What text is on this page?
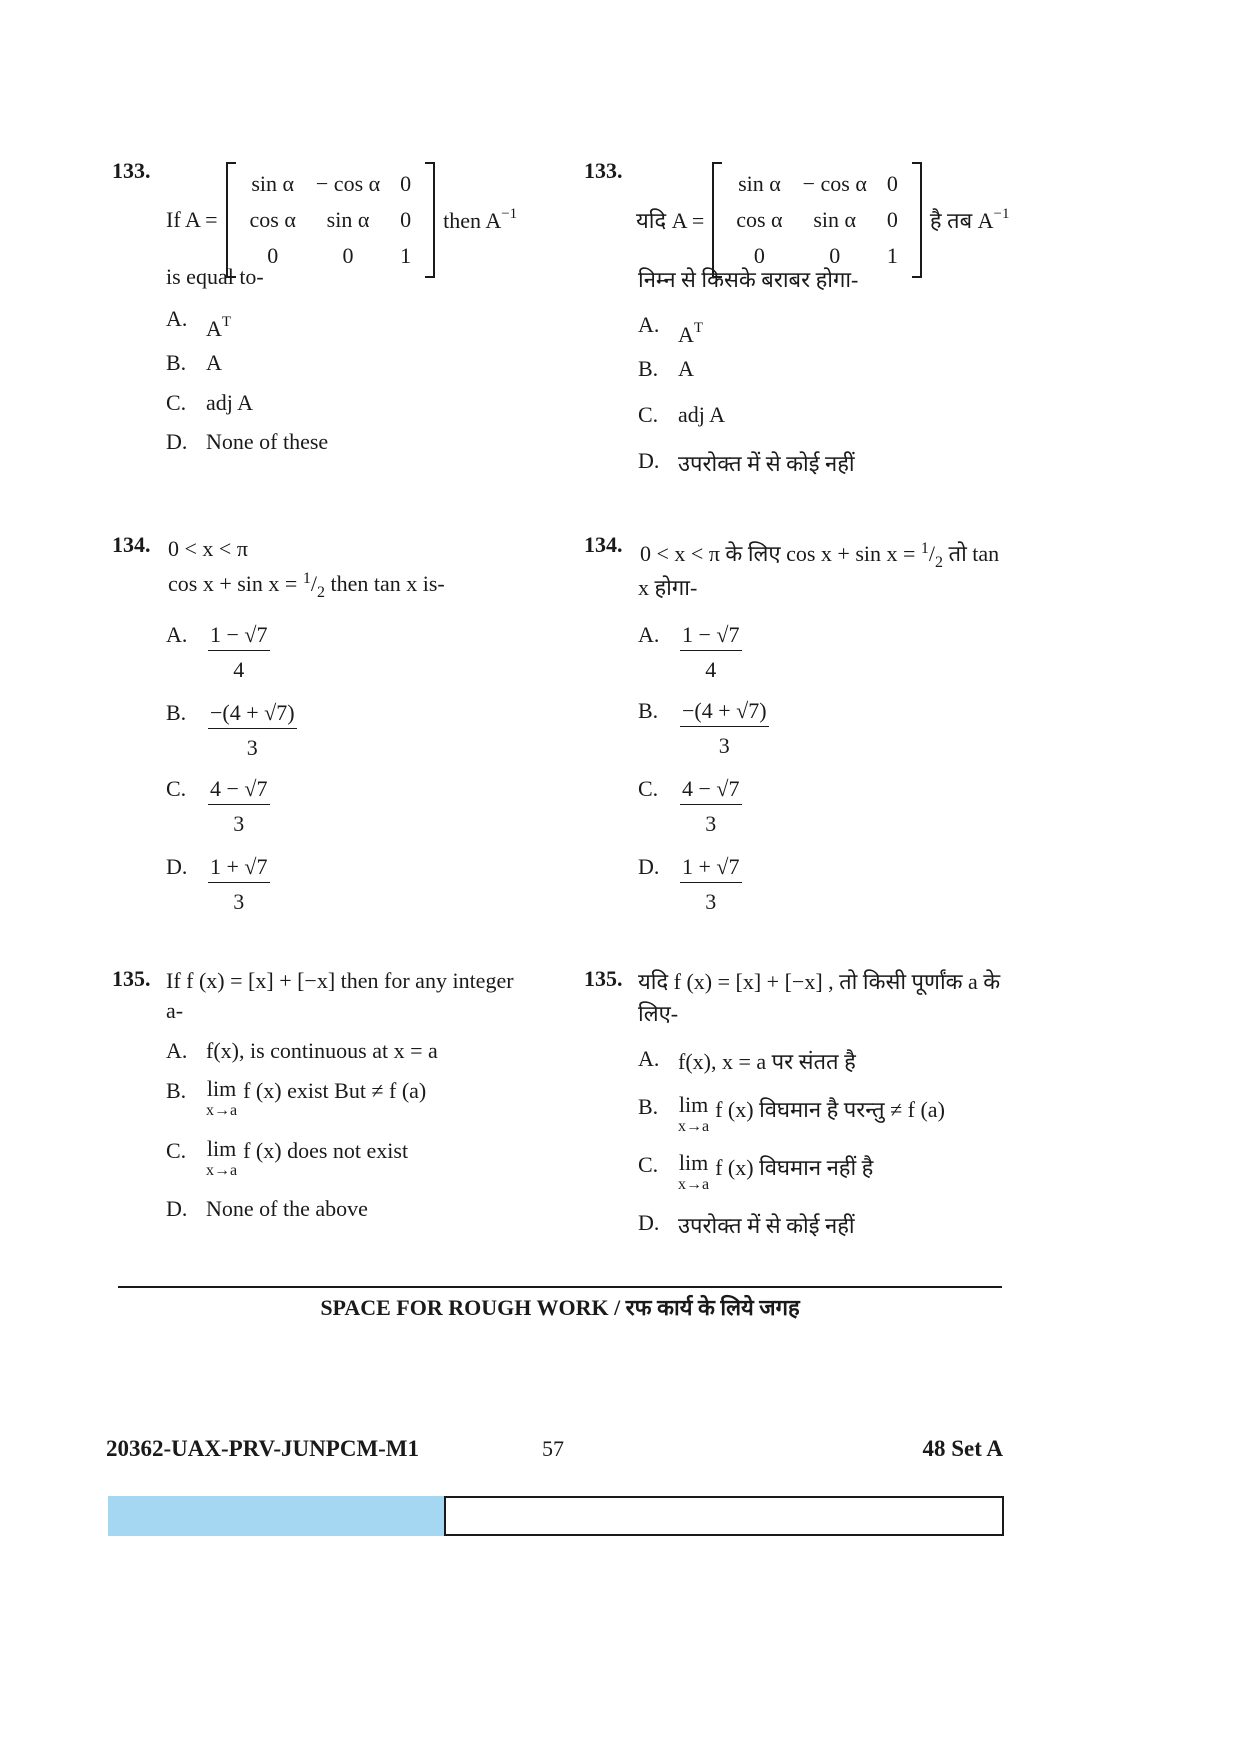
133.
If A =
sin α	− cos α	0
cos α	sin α	0
0	0	1
then $A^{-1}$
is equal to-
A. $A^T$
B. A
C. adj A
D. None of these
133.
यदि A =
sin α	− cos α	0
cos α	sin α	0
0	0	1
है तब $A^{-1}$
निम्न से किसके बराबर होगा-
A. $A^T$
B. A
C. adj A
D. उपरोक्त में से कोई नहीं
134. 0 < x < π
$\cos x + \sin x = ^1/_2$ then tan x is-
A. $\frac{1 - √7}{4}$
B. $\frac{-(4 + √7)}{3}$
C. $\frac{4 - √7}{3}$
D. $\frac{1 + √7}{3}$
134. 0 < x < π के लिए $\cos x + \sin x = ^1/_2$ तो tan
x होगा-
A. $\frac{1 - √7}{4}$
B. $\frac{-(4 + √7)}{3}$
C. $\frac{4 - √7}{3}$
D. $\frac{1 + √7}{3}$
135. If f (x) = [x] + [−x] then for any integer
a-
A. f(x), is continuous at x = a
B. lim
x→a
f (x) exist But ≠ f (a)
C. lim
x→a
f (x) does not exist
D. None of the above
135. यदि f (x) = [x] + [−x] , तो किसी पूर्णांक a के
लिए-
A. f(x), x = a पर संतत है
B. lim
x→a
f (x) विघमान है परन्तु ≠ f (a)
C. lim
x→a
f (x) विघमान नहीं है
D. उपरोक्त में से कोई नहीं
SPACE FOR ROUGH WORK / रफ कार्य के लिये जगह
20362-UAX-PRV-JUNPCM-M1	57	48 Set A
